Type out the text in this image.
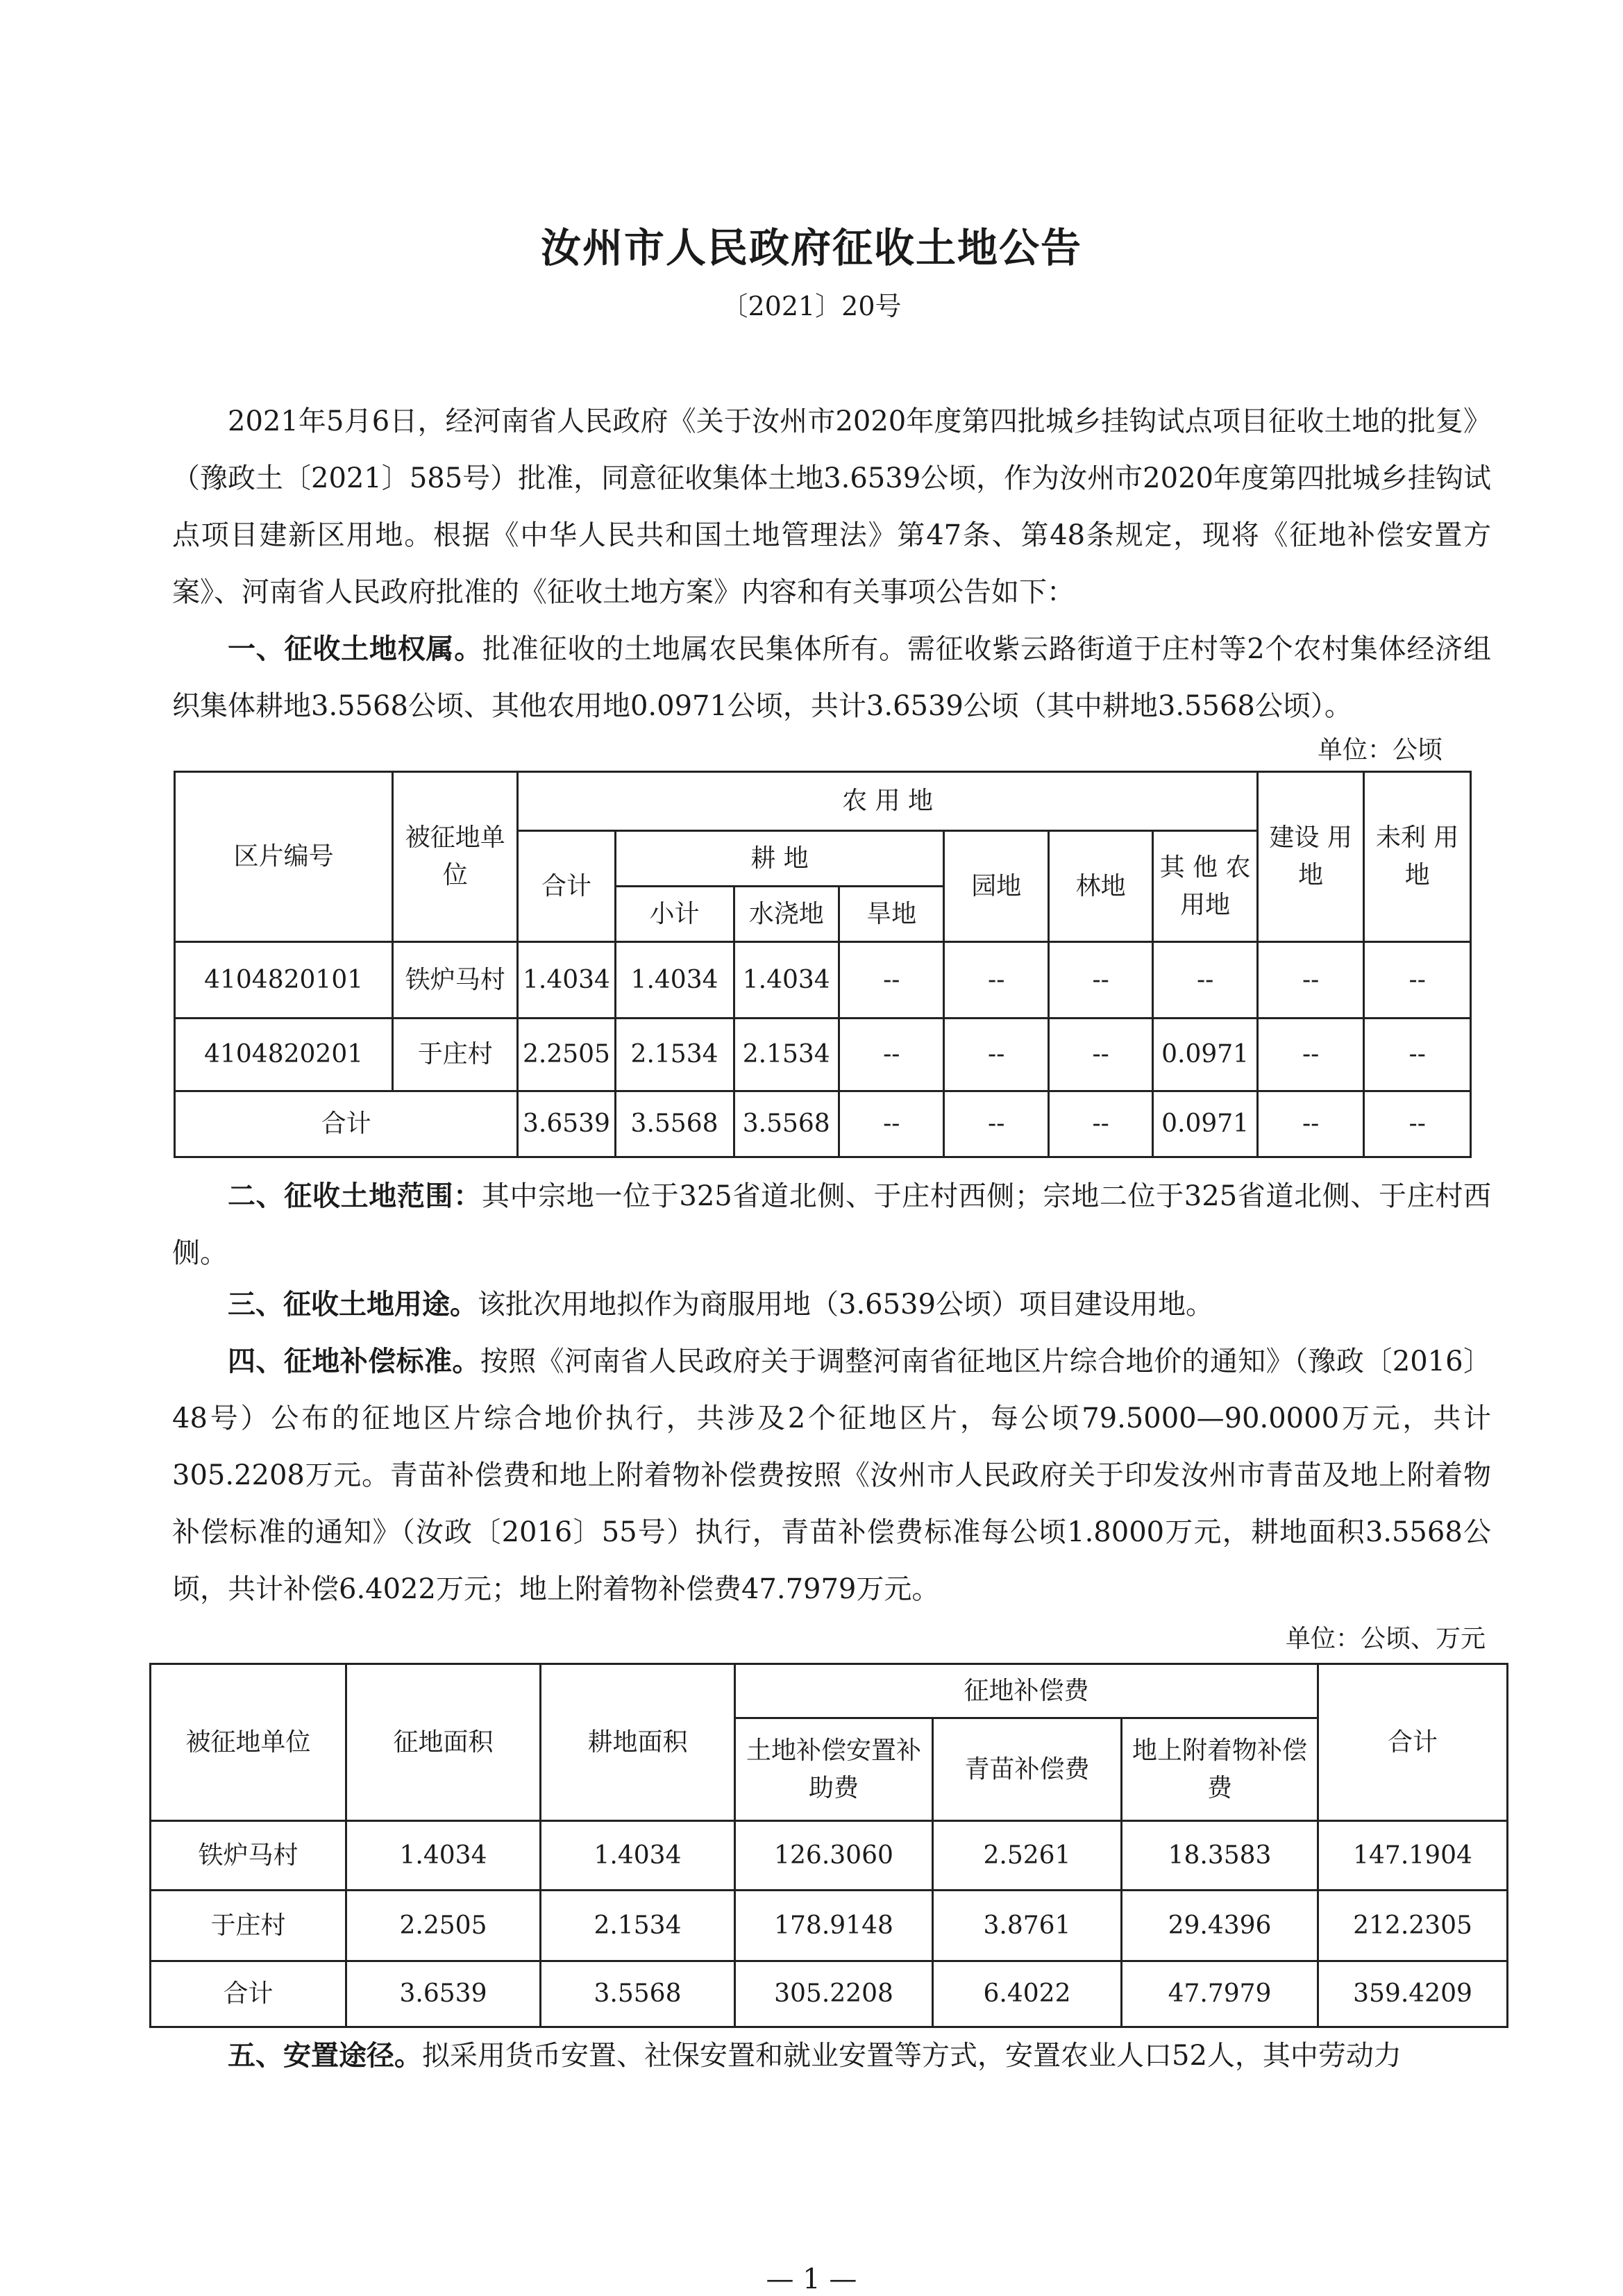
汝州市人民政府征收土地公告
〔2021〕20号

2021年5月6日，经河南省人民政府《关于汝州市2020年度第四批城乡挂钩试点项目征收土地的批复》（豫政土〔2021〕585号）批准，同意征收集体土地3.6539公顷，作为汝州市2020年度第四批城乡挂钩试点项目建新区用地。根据《中华人民共和国土地管理法》第47条、第48条规定，现将《征地补偿安置方案》、河南省人民政府批准的《征收土地方案》内容和有关事项公告如下：

一、征收土地权属。批准征收的土地属农民集体所有。需征收紫云路街道于庄村等2个农村集体经济组织集体耕地3.5568公顷、其他农用地0.0971公顷，共计3.6539公顷（其中耕地3.5568公顷）。

单位：公顷
区片编号	被征地单位	农 用 地							建设 用地	未利 用地
		合计	耕 地			园地	林地	其 他 农用地		
			小计	水浇地	旱地					
4104820101	铁炉马村	1.4034	1.4034	1.4034	--	--	--	--	--	--
4104820201	于庄村	2.2505	2.1534	2.1534	--	--	--	0.0971	--	--
合计		3.6539	3.5568	3.5568	--	--	--	0.0971	--	--

二、征收土地范围：其中宗地一位于325省道北侧、于庄村西侧；宗地二位于325省道北侧、于庄村西侧。

三、征收土地用途。该批次用地拟作为商服用地（3.6539公顷）项目建设用地。

四、征地补偿标准。按照《河南省人民政府关于调整河南省征地区片综合地价的通知》（豫政〔2016〕48号）公布的征地区片综合地价执行，共涉及2个征地区片，每公顷79.5000—90.0000万元，共计305.2208万元。青苗补偿费和地上附着物补偿费按照《汝州市人民政府关于印发汝州市青苗及地上附着物补偿标准的通知》（汝政〔2016〕55号）执行，青苗补偿费标准每公顷1.8000万元，耕地面积3.5568公顷，共计补偿6.4022万元；地上附着物补偿费47.7979万元。

单位：公顷、万元
被征地单位	征地面积	耕地面积	征地补偿费			合计
			土地补偿安置补助费	青苗补偿费	地上附着物补偿费	
铁炉马村	1.4034	1.4034	126.3060	2.5261	18.3583	147.1904
于庄村	2.2505	2.1534	178.9148	3.8761	29.4396	212.2305
合计	3.6539	3.5568	305.2208	6.4022	47.7979	359.4209

五、安置途径。拟采用货币安置、社保安置和就业安置等方式，安置农业人口52人，其中劳动力

— 1 —
